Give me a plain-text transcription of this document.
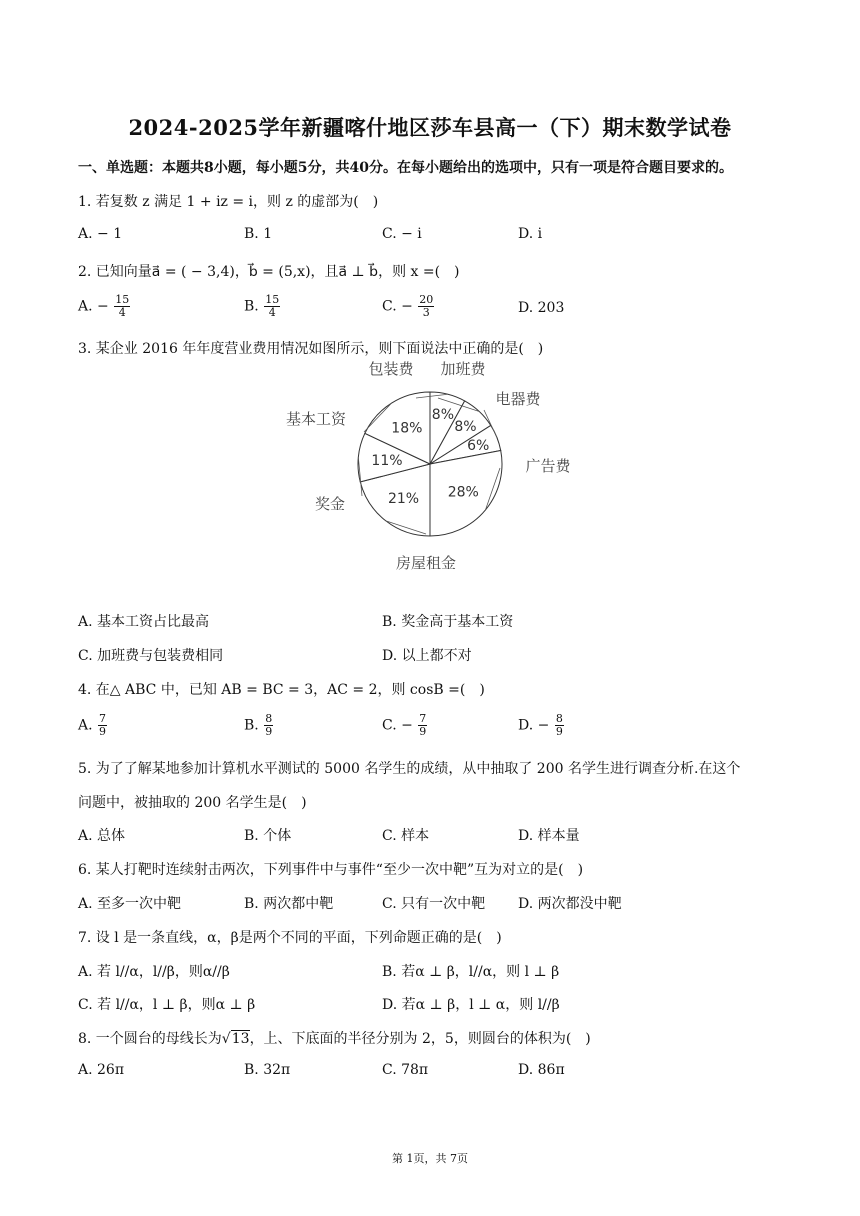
2024-2025学年新疆喀什地区莎车县高一（下）期末数学试卷
一、单选题：本题共8小题，每小题5分，共40分。在每小题给出的选项中，只有一项是符合题目要求的。
1. 若复数 z 满足 1 + iz = i，则 z 的虚部为(　)
A. − 1	B. 1	C. − i	D. i
2. 已知向量a⃗ = ( − 3,4)，b⃗ = (5,x)，且a⃗ ⊥ b⃗，则 x =(　)
A. − $\frac{15}{4}$	B. $\frac{15}{4}$	C. − $\frac{20}{3}$	D. 203
3. 某企业 2016 年年度营业费用情况如图所示，则下面说法中正确的是(　)
8%
包装费
8%
加班费
6%
电器费
28%
广告费
21%
房屋租金
11%
奖金
18%
基本工资
A. 基本工资占比最高	B. 奖金高于基本工资
C. 加班费与包装费相同	D. 以上都不对
4. 在△ ABC 中，已知 AB = BC = 3，AC = 2，则 cosB =(　)
A. $\frac{7}{9}$	B. $\frac{8}{9}$	C. − $\frac{7}{9}$	D. − $\frac{8}{9}$
5. 为了了解某地参加计算机水平测试的 5000 名学生的成绩，从中抽取了 200 名学生进行调查分析.在这个
问题中，被抽取的 200 名学生是(　)
A. 总体	B. 个体	C. 样本	D. 样本量
6. 某人打靶时连续射击两次，下列事件中与事件“至少一次中靶”互为对立的是(　)
A. 至多一次中靶	B. 两次都中靶	C. 只有一次中靶 D. 两次都没中靶
7. 设 l 是一条直线，α，β是两个不同的平面，下列命题正确的是(　)
A. 若 l//α，l//β，则α//β	B. 若α ⊥ β，l//α，则 l ⊥ β
C. 若 l//α，l ⊥ β，则α ⊥ β	D. 若α ⊥ β，l ⊥ α，则 l//β
8. 一个圆台的母线长为√13，上、下底面的半径分别为 2，5，则圆台的体积为(　)
A. 26π	B. 32π	C. 78π	D. 86π
第 1页，共 7页
